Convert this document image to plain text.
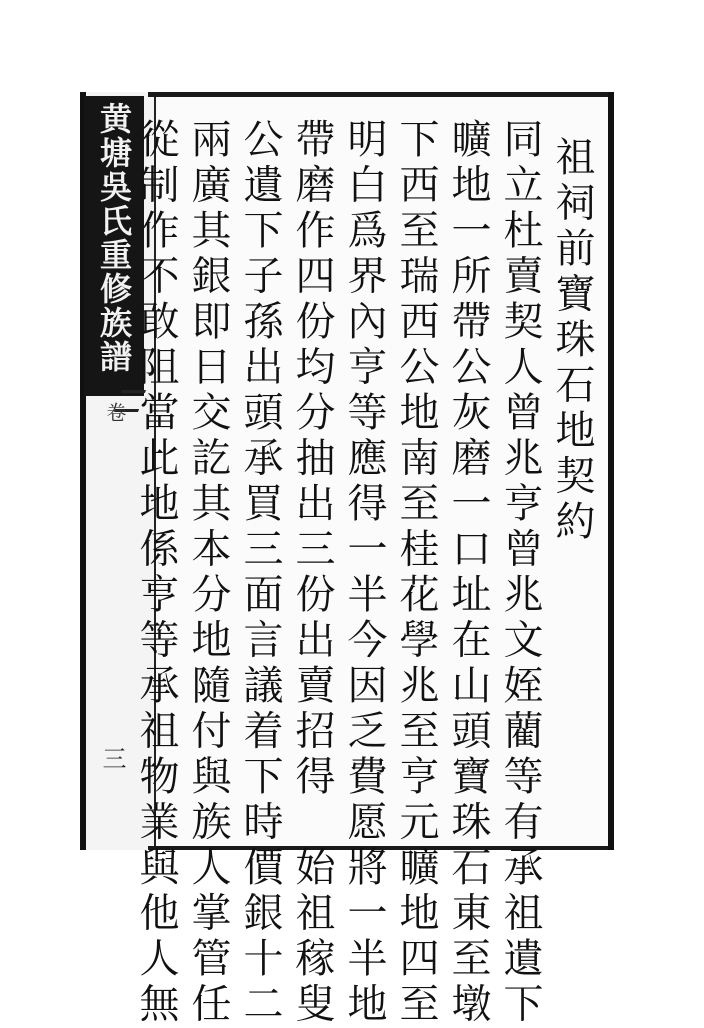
黄塘吳氏重修族譜
卷
三
祖祠前寶珠石地契約
同立杜賣契人曾兆亨曾兆文姪藺等有承祖遺下
曠地一所帶公灰磨一口址在山頭寶珠石東至墩
下西至瑞西公地南至桂花學兆至亨元曠地四至
明白爲界內亨等應得一半今因乏費愿將一半地
帶磨作四份均分抽出三份出賣招得　始祖稼叟
公遺下子孫出頭承買三面言議着下時價銀十二
兩廣其銀即日交訖其本分地隨付與族人掌管任
從制作不敢阻當此地係亨等承祖物業與他人無
